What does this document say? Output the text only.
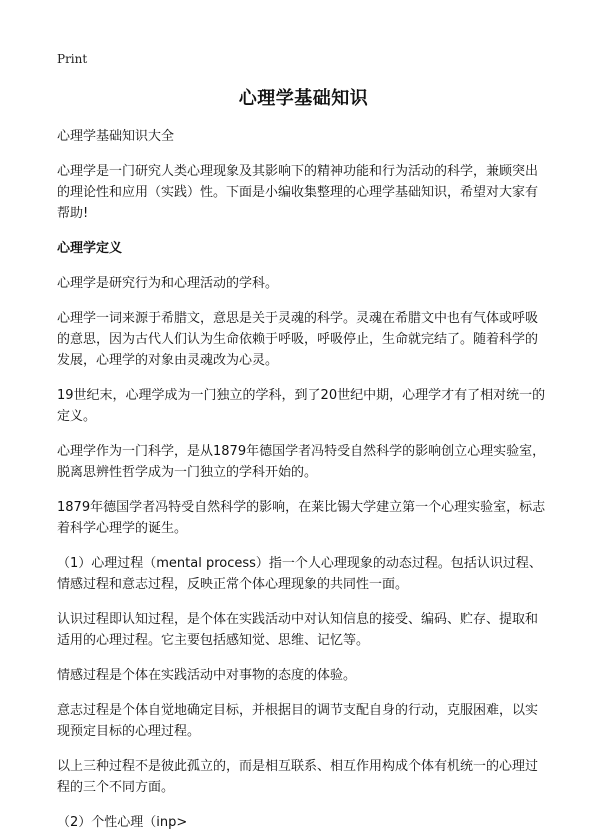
Print
心理学基础知识
心理学基础知识大全
心理学是一门研究人类心理现象及其影响下的精神功能和行为活动的科学，兼顾突出的理论性和应用（实践）性。下面是小编收集整理的心理学基础知识，希望对大家有帮助!
心理学定义
心理学是研究行为和心理活动的学科。
心理学一词来源于希腊文，意思是关于灵魂的科学。灵魂在希腊文中也有气体或呼吸的意思，因为古代人们认为生命依赖于呼吸，呼吸停止，生命就完结了。随着科学的发展，心理学的对象由灵魂改为心灵。
19世纪末，心理学成为一门独立的学科，到了20世纪中期，心理学才有了相对统一的定义。
心理学作为一门科学，是从1879年德国学者冯特受自然科学的影响创立心理实验室，脱离思辨性哲学成为一门独立的学科开始的。
1879年德国学者冯特受自然科学的影响，在莱比锡大学建立第一个心理实验室，标志着科学心理学的诞生。
（1）心理过程（mental process）指一个人心理现象的动态过程。包括认识过程、情感过程和意志过程，反映正常个体心理现象的共同性一面。
认识过程即认知过程，是个体在实践活动中对认知信息的接受、编码、贮存、提取和适用的心理过程。它主要包括感知觉、思维、记忆等。
情感过程是个体在实践活动中对事物的态度的体验。
意志过程是个体自觉地确定目标，并根据目的调节支配自身的行动，克服困难，以实现预定目标的心理过程。
以上三种过程不是彼此孤立的，而是相互联系、相互作用构成个体有机统一的心理过程的三个不同方面。
（2）个性心理（inp>
